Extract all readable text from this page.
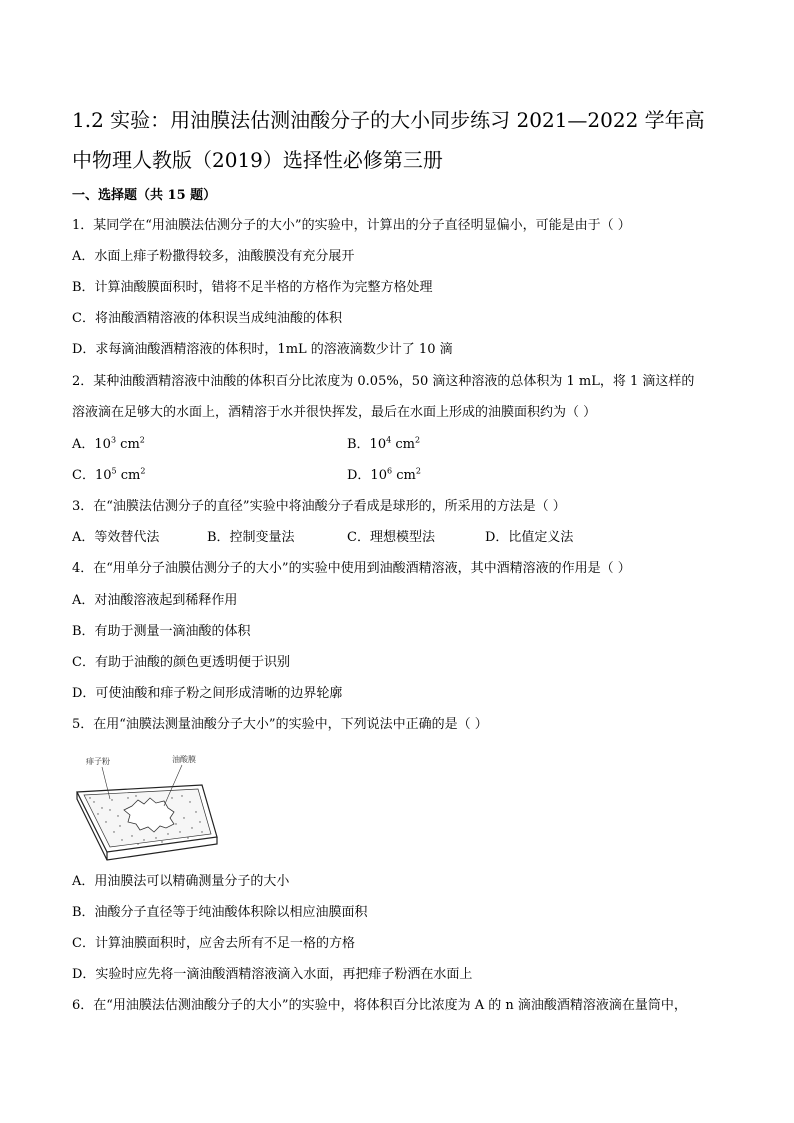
1.2 实验：用油膜法估测油酸分子的大小同步练习 2021—2022 学年高
中物理人教版（2019）选择性必修第三册
一、选择题（共 15 题）
1．某同学在“用油膜法估测分子的大小”的实验中，计算出的分子直径明显偏小，可能是由于（ ）
A．水面上痱子粉撒得较多，油酸膜没有充分展开
B．计算油酸膜面积时，错将不足半格的方格作为完整方格处理
C．将油酸酒精溶液的体积误当成纯油酸的体积
D．求每滴油酸酒精溶液的体积时，1mL 的溶液滴数少计了 10 滴
2．某种油酸酒精溶液中油酸的体积百分比浓度为 0.05%，50 滴这种溶液的总体积为 1 mL，将 1 滴这样的
溶液滴在足够大的水面上，酒精溶于水并很快挥发，最后在水面上形成的油膜面积约为（ ）
A．$10^3$ $cm^2$	B．$10^4$ $cm^2$
C．$10^5$ $cm^2$	D．$10^6$ $cm^2$
3．在“油膜法估测分子的直径”实验中将油酸分子看成是球形的，所采用的方法是（ ）
A．等效替代法	B．控制变量法	C．理想模型法	D．比值定义法
4．在“用单分子油膜估测分子的大小”的实验中使用到油酸酒精溶液，其中酒精溶液的作用是（ ）
A．对油酸溶液起到稀释作用
B．有助于测量一滴油酸的体积
C．有助于油酸的颜色更透明便于识别
D．可使油酸和痱子粉之间形成清晰的边界轮廓
5．在用“油膜法测量油酸分子大小”的实验中，下列说法中正确的是（ ）
痱子粉	油酸膜
A．用油膜法可以精确测量分子的大小
B．油酸分子直径等于纯油酸体积除以相应油膜面积
C．计算油膜面积时，应舍去所有不足一格的方格
D．实验时应先将一滴油酸酒精溶液滴入水面，再把痱子粉洒在水面上
6．在“用油膜法估测油酸分子的大小”的实验中，将体积百分比浓度为 A 的 n 滴油酸酒精溶液滴在量筒中，
